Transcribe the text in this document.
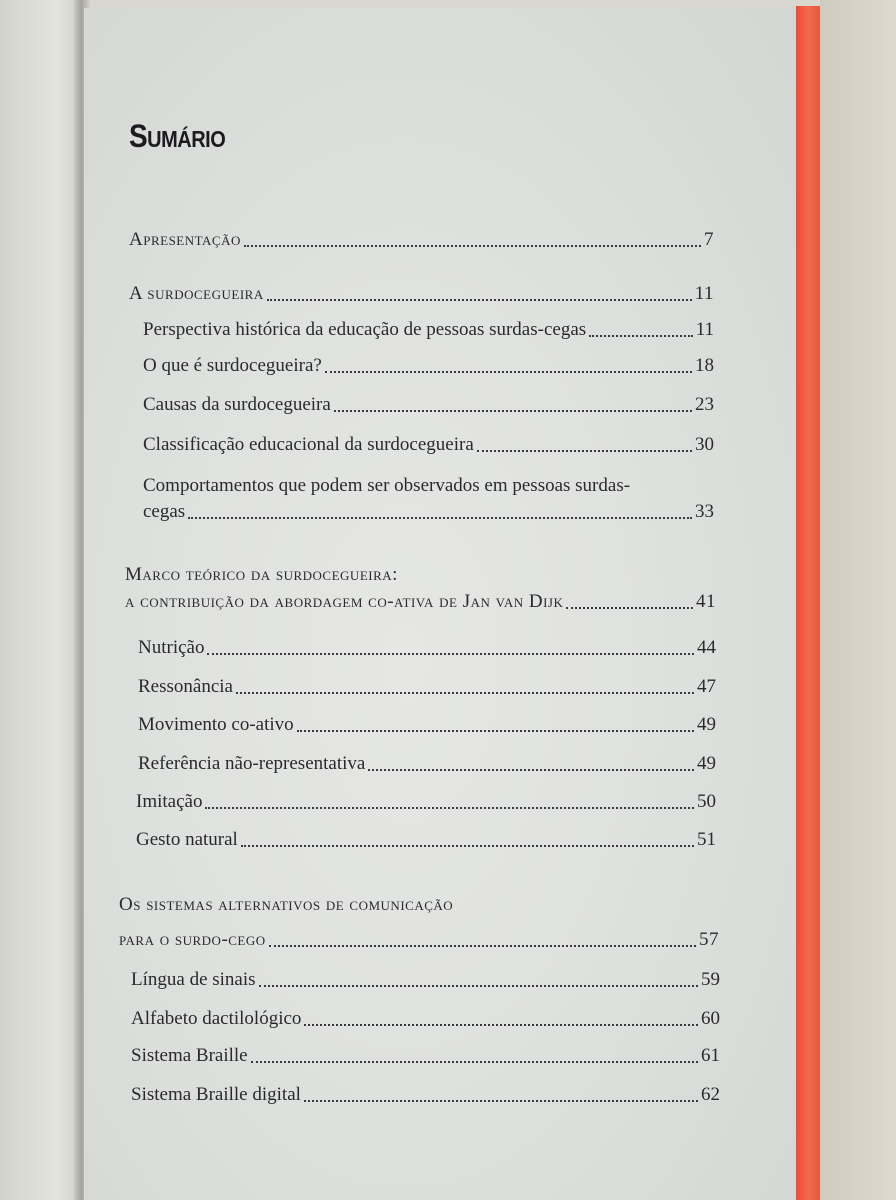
Sumário
Apresentação	7
A surdocegueira	11
Perspectiva histórica da educação de pessoas surdas-cegas	11
O que é surdocegueira?	18
Causas da surdocegueira	23
Classificação educacional da surdocegueira	30
Comportamentos que podem ser observados em pessoas surdas-
cegas	33
Marco teórico da surdocegueira:
a contribuição da abordagem co-ativa de Jan van Dijk	41
Nutrição	44
Ressonância	47
Movimento co-ativo	49
Referência não-representativa	49
Imitação	50
Gesto natural	51
Os sistemas alternativos de comunicação
para o surdo-cego	57
Língua de sinais	59
Alfabeto dactilológico	60
Sistema Braille	61
Sistema Braille digital	62
